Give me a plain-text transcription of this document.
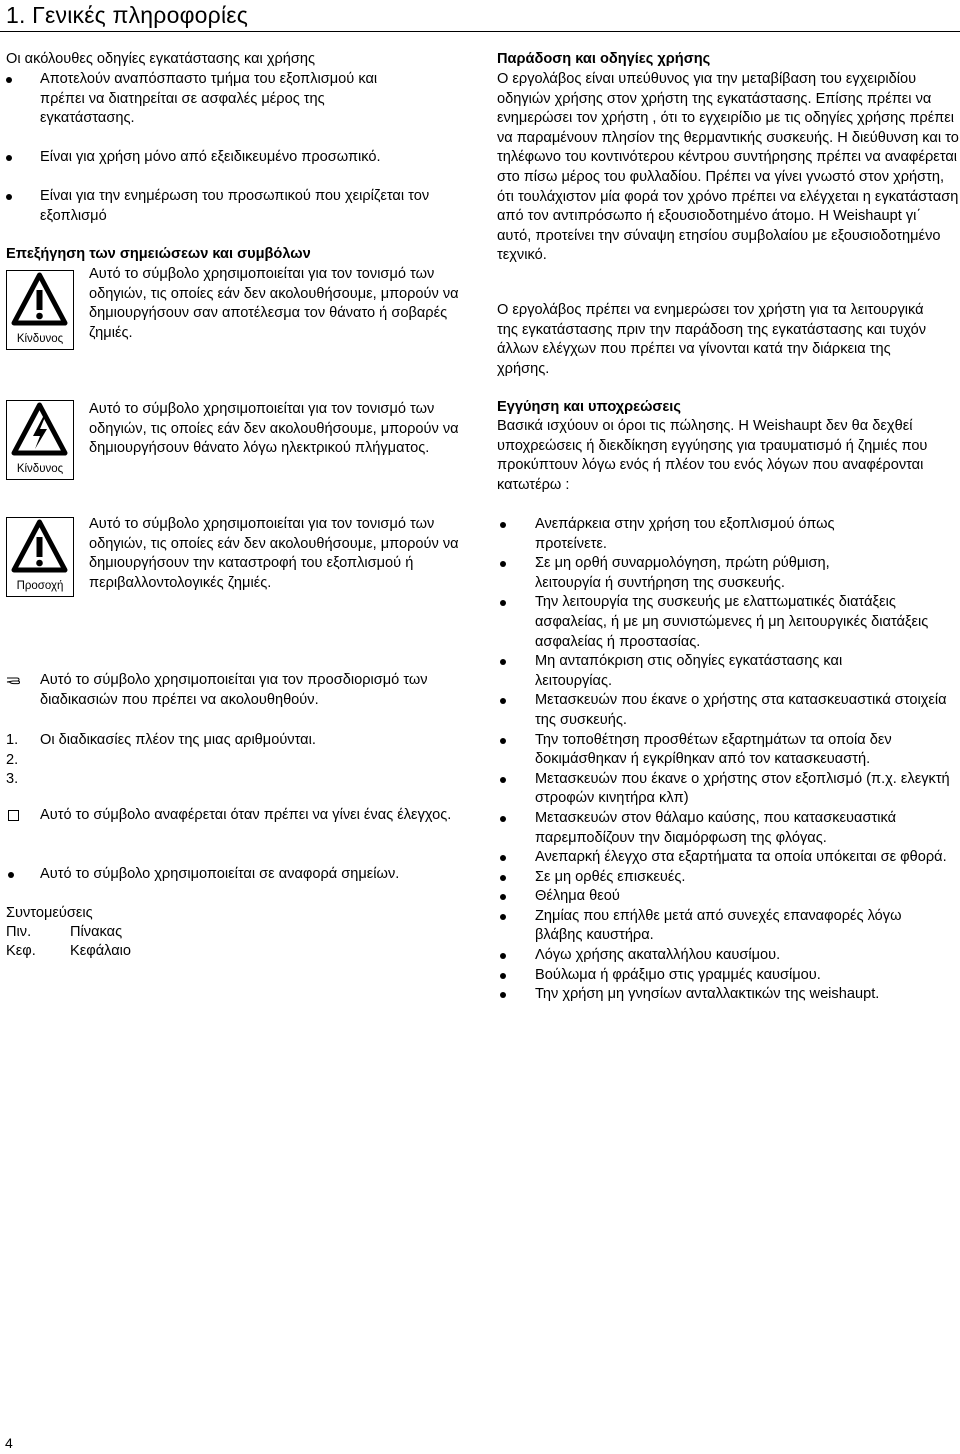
1. Γενικές πληροφορίες
Οι ακόλουθες οδηγίες εγκατάστασης και χρήσης
Αποτελούν αναπόσπαστο τμήμα του εξοπλισμού και πρέπει να διατηρείται σε ασφαλές μέρος της εγκατάστασης.
Είναι για χρήση μόνο από εξειδικευμένο προσωπικό.
Είναι για την ενημέρωση του προσωπικού που χειρίζεται τον εξοπλισμό
Επεξήγηση των σημειώσεων και συμβόλων
Κίνδυνος
Αυτό το σύμβολο χρησιμοποιείται για τον τονισμό των οδηγιών, τις οποίες εάν δεν ακολουθήσουμε, μπορούν να δημιουργήσουν σαν αποτέλεσμα τον θάνατο ή σοβαρές ζημιές.
Κίνδυνος
Αυτό το σύμβολο χρησιμοποιείται για τον τονισμό των οδηγιών, τις οποίες εάν δεν ακολουθήσουμε, μπορούν να δημιουργήσουν θάνατο λόγω ηλεκτρικού πλήγματος.
Προσοχή
Αυτό το σύμβολο χρησιμοποιείται για τον τονισμό των οδηγιών, τις οποίες εάν δεν ακολουθήσουμε, μπορούν να δημιουργήσουν την καταστροφή του εξοπλισμού ή περιβαλλοντολογικές ζημιές.
Αυτό το σύμβολο χρησιμοποιείται για τον προσδιορισμό των διαδικασιών που πρέπει να ακολουθηθούν.
1.
2.
3.
Οι διαδικασίες πλέον της μιας αριθμούνται.
Αυτό το σύμβολο αναφέρεται όταν πρέπει να γίνει ένας έλεγχος.
Αυτό το σύμβολο χρησιμοποιείται σε αναφορά σημείων.
Συντομεύσεις
Πιν.	Πίνακας
Κεφ. Κεφάλαιο
Παράδοση και οδηγίες χρήσης
Ο εργολάβος είναι υπεύθυνος για την μεταβίβαση του εγχειριδίου οδηγιών χρήσης στον χρήστη της εγκατάστασης. Επίσης πρέπει να ενημερώσει τον χρήστη , ότι το εγχειρίδιο με τις οδηγίες χρήσης πρέπει να παραμένουν πλησίον της θερμαντικής συσκευής. Η διεύθυνση και το τηλέφωνο του κοντινότερου κέντρου συντήρησης πρέπει να αναφέρεται στο πίσω μέρος του φυλλαδίου. Πρέπει να γίνει γνωστό στον χρήστη, ότι τουλάχιστον μία φορά τον χρόνο πρέπει να ελέγχεται η εγκατάσταση από τον αντιπρόσωπο ή εξουσιοδοτημένο άτομο. Η Weishaupt γι΄ αυτό, προτείνει την σύναψη ετησίου συμβολαίου με εξουσιοδοτημένο τεχνικό.
Ο εργολάβος πρέπει να ενημερώσει τον χρήστη για τα λειτουργικά της εγκατάστασης πριν την παράδοση της εγκατάστασης και τυχόν άλλων ελέγχων που πρέπει να γίνονται κατά την διάρκεια της χρήσης.
Εγγύηση και υποχρεώσεις
Βασικά ισχύουν οι όροι τις πώλησης. Η Weishaupt δεν θα δεχθεί υποχρεώσεις ή διεκδίκηση εγγύησης για τραυματισμό ή ζημιές που προκύπτουν λόγω ενός ή πλέον του ενός λόγων που αναφέρονται κατωτέρω :
Ανεπάρκεια στην χρήση του εξοπλισμού όπως προτείνετε.
Σε μη ορθή συναρμολόγηση, πρώτη ρύθμιση, λειτουργία ή συντήρηση της συσκευής.
Την λειτουργία της συσκευής με ελαττωματικές διατάξεις ασφαλείας, ή με μη συνιστώμενες ή μη λειτουργικές διατάξεις ασφαλείας ή προστασίας.
Μη ανταπόκριση στις οδηγίες εγκατάστασης και λειτουργίας.
Μετασκευών που έκανε ο χρήστης στα κατασκευαστικά στοιχεία της συσκευής.
Την τοποθέτηση προσθέτων εξαρτημάτων τα οποία δεν δοκιμάσθηκαν ή εγκρίθηκαν από τον κατασκευαστή.
Μετασκευών που έκανε ο χρήστης στον εξοπλισμό (π.χ. ελεγκτή στροφών κινητήρα κλπ)
Μετασκευών στον θάλαμο καύσης, που κατασκευαστικά παρεμποδίζουν την διαμόρφωση της φλόγας.
Ανεπαρκή έλεγχο στα εξαρτήματα τα οποία υπόκειται σε φθορά.
Σε μη ορθές επισκευές.
Θέλημα θεού
Ζημίας που επήλθε μετά από συνεχές επαναφορές λόγω βλάβης καυστήρα.
Λόγω χρήσης ακαταλλήλου καυσίμου.
Βούλωμα ή φράξιμο στις γραμμές καυσίμου.
Την χρήση μη γνησίων ανταλλακτικών της weishaupt.
4
